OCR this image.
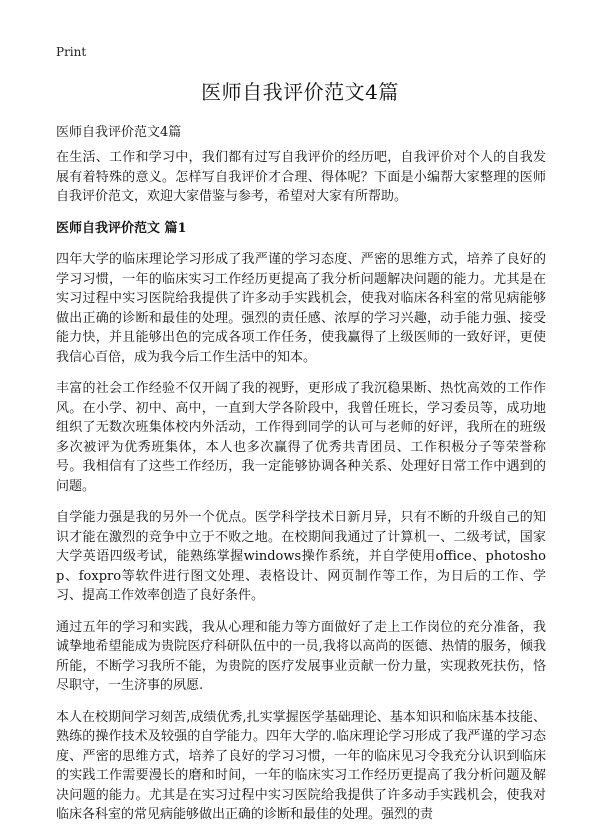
Print
医师自我评价范文4篇

医师自我评价范文4篇

在生活、工作和学习中，我们都有过写自我评价的经历吧，自我评价对个人的自我发展有着特殊的意义。怎样写自我评价才合理、得体呢？下面是小编帮大家整理的医师自我评价范文，欢迎大家借鉴与参考，希望对大家有所帮助。

医师自我评价范文 篇1

四年大学的临床理论学习形成了我严谨的学习态度、严密的思维方式，培养了良好的学习习惯，一年的临床实习工作经历更提高了我分析问题解决问题的能力。尤其是在实习过程中实习医院给我提供了许多动手实践机会，使我对临床各科室的常见病能够做出正确的诊断和最佳的处理。强烈的责任感、浓厚的学习兴趣，动手能力强、接受能力快，并且能够出色的完成各项工作任务，使我赢得了上级医师的一致好评，更使我信心百倍，成为我今后工作生活中的知本。

丰富的社会工作经验不仅开阔了我的视野，更形成了我沉稳果断、热忱高效的工作作风。在小学、初中、高中，一直到大学各阶段中，我曾任班长，学习委员等，成功地组织了无数次班集体校内外活动，工作得到同学的认可与老师的好评，我所在的班级多次被评为优秀班集体，本人也多次赢得了优秀共青团员、工作积极分子等荣誉称号。我相信有了这些工作经历，我一定能够协调各种关系、处理好日常工作中遇到的问题。

自学能力强是我的另外一个优点。医学科学技术日新月异，只有不断的升级自己的知识才能在激烈的竞争中立于不败之地。在校期间我通过了计算机一、二级考试，国家大学英语四级考试，能熟练掌握windows操作系统，并自学使用office、photoshop、foxpro等软件进行图文处理、表格设计、网页制作等工作，为日后的工作、学习、提高工作效率创造了良好条件。

通过五年的学习和实践，我从心理和能力等方面做好了走上工作岗位的充分准备，我诚挚地希望能成为贵院医疗科研队伍中的一员,我将以高尚的医德、热情的服务，倾我所能，不断学习我所不能，为贵院的医疗发展事业贡献一份力量，实现救死扶伤，恪尽职守，一生济事的夙愿.

本人在校期间学习刻苦,成绩优秀,扎实掌握医学基础理论、基本知识和临床基本技能、熟练的操作技术及较强的自学能力。四年大学的.临床理论学习形成了我严谨的学习态度、严密的思维方式，培养了良好的学习习惯，一年的临床见习令我充分认识到临床的实践工作需要漫长的磨和时间，一年的临床实习工作经历更提高了我分析问题及解决问题的能力。尤其是在实习过程中实习医院给我提供了许多动手实践机会，使我对临床各科室的常见病能够做出正确的诊断和最佳的处理。强烈的责
